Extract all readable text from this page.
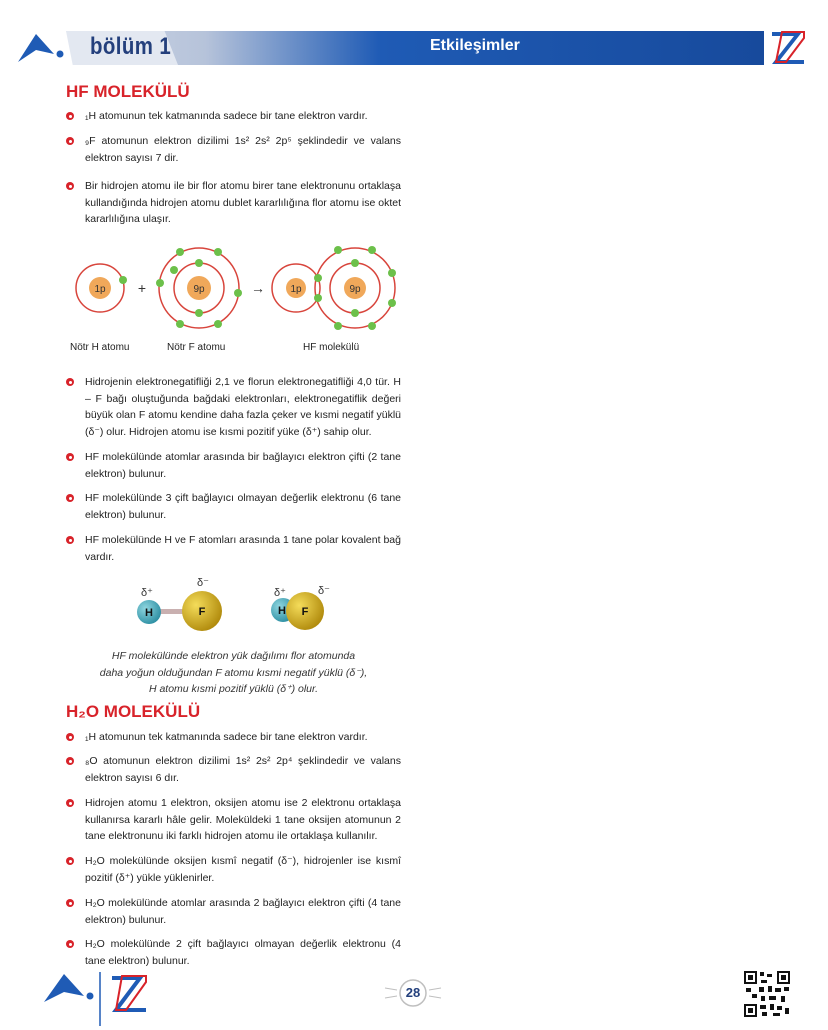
bölüm 1	Etkileşimler
HF MOLEKÜLÜ
₁H atomunun tek katmanında sadece bir tane elektron vardır.
₉F atomunun elektron dizilimi 1s² 2s² 2p⁵ şeklindedir ve valans elektron sayısı 7 dir.
Bir hidrojen atomu ile bir flor atomu birer tane elektronunu ortaklaşa kullandığında hidrojen atomu dublet kararlılığına flor atomu ise oktet kararlılığına ulaşır.
1p +	9p	→	1p	9p
Nötr H atomu	Nötr F atomu	HF molekülü
Hidrojenin elektronegatifliği 2,1 ve florun elektronegatifliği 4,0 tür. H – F bağı oluştuğunda bağdaki elektronları, elektronegatiflik değeri büyük olan F atomu kendine daha fazla çeker ve kısmi negatif yüklü (δ⁻) olur. Hidrojen atomu ise kısmi pozitif yüke (δ⁺) sahip olur.
HF molekülünde atomlar arasında bir bağlayıcı elektron çifti (2 tane elektron) bulunur.
HF molekülünde 3 çift bağlayıcı olmayan değerlik elektronu (6 tane elektron) bulunur.
HF molekülünde H ve F atomları arasında 1 tane polar kovalent bağ vardır.
H	F
δ⁺
δ⁻
H F
δ⁺	δ⁻
HF molekülünde elektron yük dağılımı flor atomunda
daha yoğun olduğundan F atomu kısmi negatif yüklü (δ⁻),
H atomu kısmi pozitif yüklü (δ⁺) olur.
H₂O MOLEKÜLÜ
₁H atomunun tek katmanında sadece bir tane elektron vardır.
₈O atomunun elektron dizilimi 1s² 2s² 2p⁴ şeklindedir ve valans elektron sayısı 6 dır.
Hidrojen atomu 1 elektron, oksijen atomu ise 2 elektronu ortaklaşa kullanırsa kararlı hâle gelir. Moleküldeki 1 tane oksijen atomunun 2 tane elektronunu iki farklı hidrojen atomu ile ortaklaşa kullanılır.
H₂O molekülünde oksijen kısmî negatif (δ⁻), hidrojenler ise kısmî pozitif (δ⁺) yükle yüklenirler.
H₂O molekülünde atomlar arasında 2 bağlayıcı elektron çifti (4 tane elektron) bulunur.
H₂O molekülünde 2 çift bağlayıcı olmayan değerlik elektronu (4 tane elektron) bulunur.
28
